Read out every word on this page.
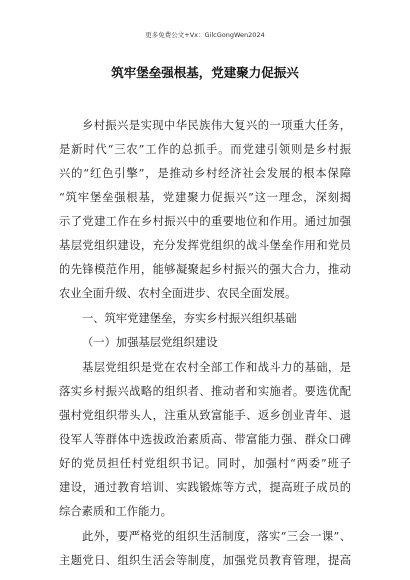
更多免费公文+Vx：GilcGongWen2024
筑牢堡垒强根基，党建聚力促振兴
乡村振兴是实现中华民族伟大复兴的一项重大任务，
是新时代“三农”工作的总抓手。而党建引领则是乡村振
兴的“红色引擎”，是推动乡村经济社会发展的根本保障
“筑牢堡垒强根基，党建聚力促振兴”这一理念，深刻揭
示了党建工作在乡村振兴中的重要地位和作用。通过加强
基层党组织建设，充分发挥党组织的战斗堡垒作用和党员
的先锋模范作用，能够凝聚起乡村振兴的强大合力，推动
农业全面升级、农村全面进步、农民全面发展。
一、筑牢党建堡垒，夯实乡村振兴组织基础
（一）加强基层党组织建设
基层党组织是党在农村全部工作和战斗力的基础，是
落实乡村振兴战略的组织者、推动者和实施者。要选优配
强村党组织带头人，注重从致富能手、返乡创业青年、退
役军人等群体中选拔政治素质高、带富能力强、群众口碑
好的党员担任村党组织书记。同时，加强村“两委”班子
建设，通过教育培训、实践锻炼等方式，提高班子成员的
综合素质和工作能力。
此外，要严格党的组织生活制度，落实“三会一课”、
主题党日、组织生活会等制度，加强党员教育管理，提高
